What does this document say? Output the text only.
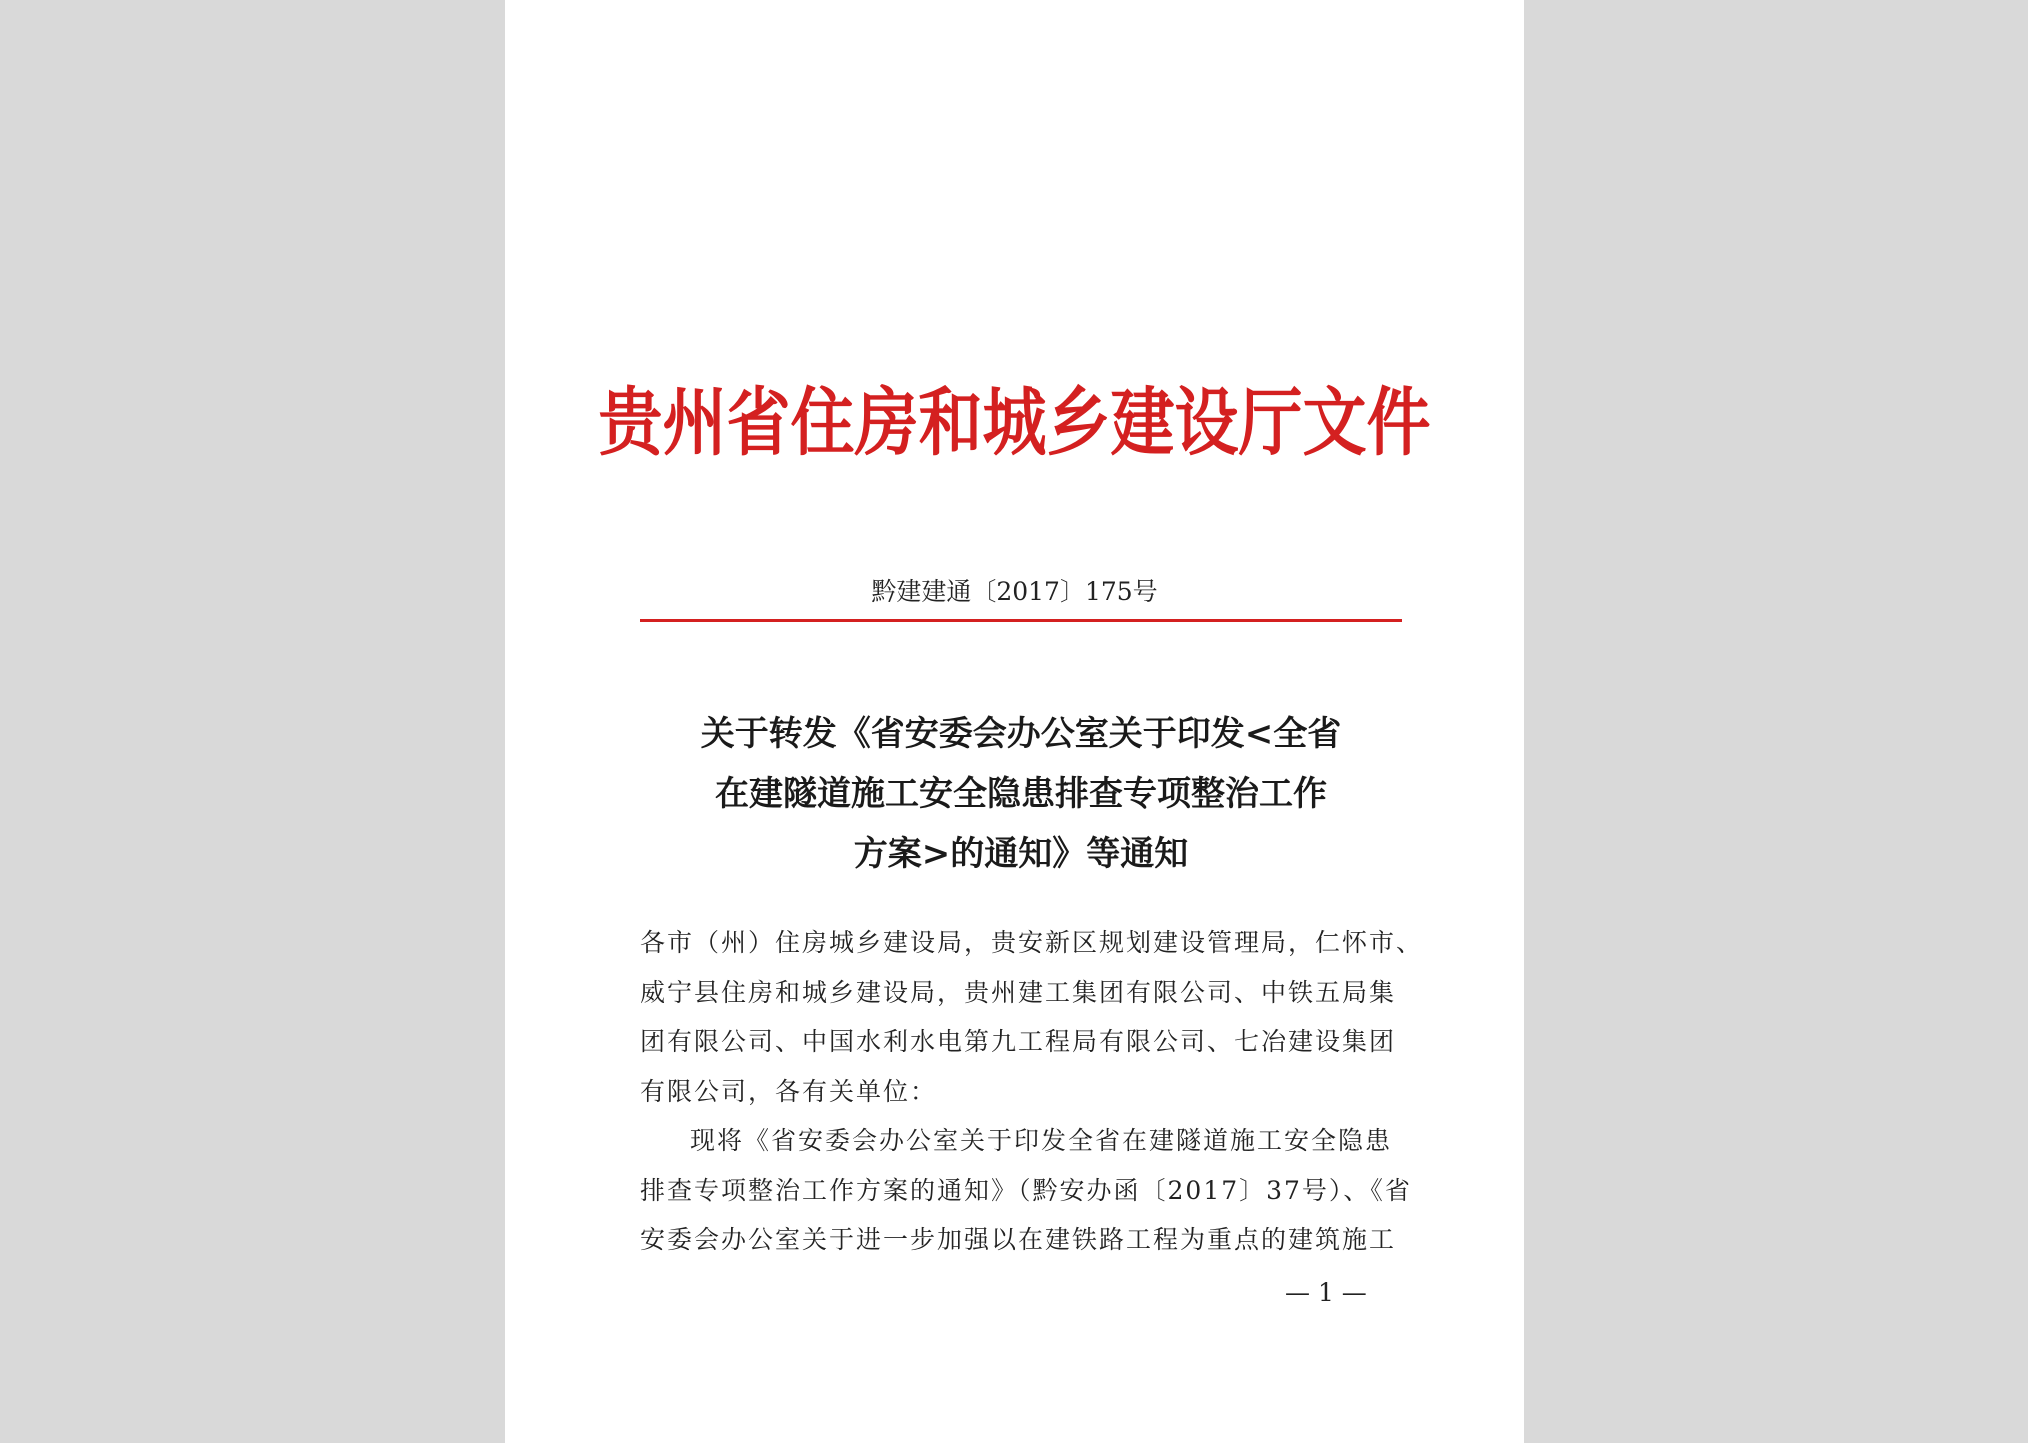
贵州省住房和城乡建设厅文件
黔建建通〔2017〕175号
关于转发《省安委会办公室关于印发<全省
在建隧道施工安全隐患排查专项整治工作
方案>的通知》等通知
各市（州）住房城乡建设局，贵安新区规划建设管理局，仁怀市、
威宁县住房和城乡建设局，贵州建工集团有限公司、中铁五局集
团有限公司、中国水利水电第九工程局有限公司、七冶建设集团
有限公司，各有关单位：
现将《省安委会办公室关于印发全省在建隧道施工安全隐患
排查专项整治工作方案的通知》（黔安办函〔2017〕37号）、《省
安委会办公室关于进一步加强以在建铁路工程为重点的建筑施工
— 1 —
